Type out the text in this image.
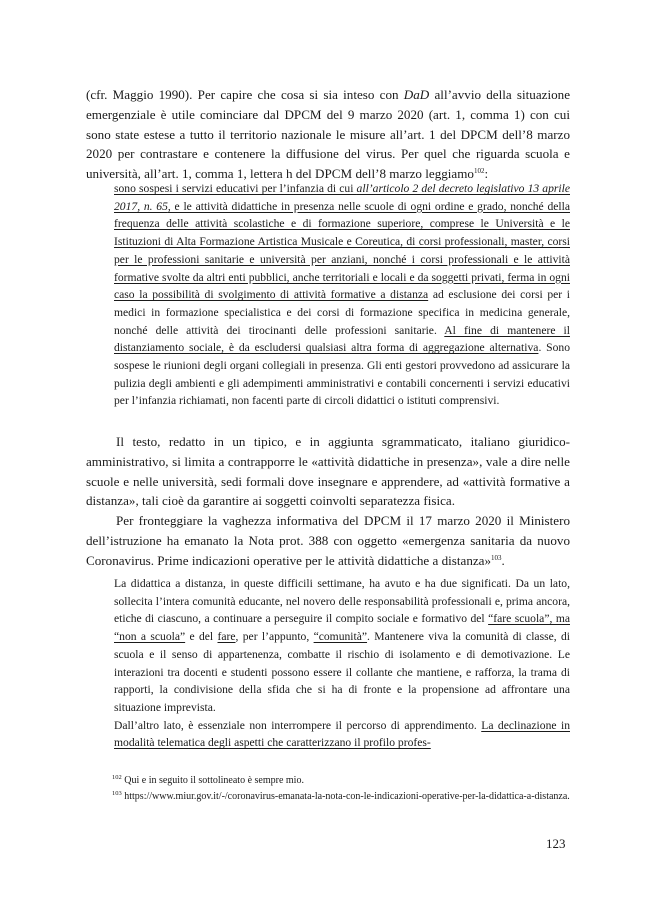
(cfr. Maggio 1990). Per capire che cosa si sia inteso con DaD all’avvio della situazione emergenziale è utile cominciare dal DPCM del 9 marzo 2020 (art. 1, comma 1) con cui sono state estese a tutto il territorio nazionale le misure all’art. 1 del DPCM dell’8 marzo 2020 per contrastare e contenere la diffusione del virus. Per quel che riguarda scuola e università, all’art. 1, comma 1, lettera h del DPCM dell’8 marzo leggiamo$^{102}$:

sono sospesi i servizi educativi per l’infanzia di cui all’articolo 2 del decreto legislativo 13 aprile 2017, n. 65, e le attività didattiche in presenza nelle scuole di ogni ordine e grado, nonché della frequenza delle attività scolastiche e di formazione superiore, comprese le Università e le Istituzioni di Alta Formazione Artistica Musicale e Coreutica, di corsi professionali, master, corsi per le professioni sanitarie e università per anziani, nonché i corsi professionali e le attività formative svolte da altri enti pubblici, anche territoriali e locali e da soggetti privati, ferma in ogni caso la possibilità di svolgimento di attività formative a distanza ad esclusione dei corsi per i medici in formazione specialistica e dei corsi di formazione specifica in medicina generale, nonché delle attività dei tirocinanti delle professioni sanitarie. Al fine di mantenere il distanziamento sociale, è da escludersi qualsiasi altra forma di aggregazione alternativa. Sono sospese le riunioni degli organi collegiali in presenza. Gli enti gestori provvedono ad assicurare la pulizia degli ambienti e gli adempimenti amministrativi e contabili concernenti i servizi educativi per l’infanzia richiamati, non facenti parte di circoli didattici o istituti comprensivi.

Il testo, redatto in un tipico, e in aggiunta sgrammaticato, italiano giuridico-amministrativo, si limita a contrapporre le «attività didattiche in presenza», vale a dire nelle scuole e nelle università, sedi formali dove insegnare e apprendere, ad «attività formative a distanza», tali cioè da garantire ai soggetti coinvolti separatezza fisica.

Per fronteggiare la vaghezza informativa del DPCM il 17 marzo 2020 il Ministero dell’istruzione ha emanato la Nota prot. 388 con oggetto «emergenza sanitaria da nuovo Coronavirus. Prime indicazioni operative per le attività didattiche a distanza»$^{103}$.

La didattica a distanza, in queste difficili settimane, ha avuto e ha due significati. Da un lato, sollecita l’intera comunità educante, nel novero delle responsabilità professionali e, prima ancora, etiche di ciascuno, a continuare a perseguire il compito sociale e formativo del “fare scuola”, ma “non a scuola” e del fare, per l’appunto, “comunità”. Mantenere viva la comunità di classe, di scuola e il senso di appartenenza, combatte il rischio di isolamento e di demotivazione. Le interazioni tra docenti e studenti possono essere il collante che mantiene, e rafforza, la trama di rapporti, la condivisione della sfida che si ha di fronte e la propensione ad affrontare una situazione imprevista.
Dall’altro lato, è essenziale non interrompere il percorso di apprendimento. La declinazione in modalità telematica degli aspetti che caratterizzano il profilo profes-

$^{102}$ Qui e in seguito il sottolineato è sempre mio.

$^{103}$ https://www.miur.gov.it/-/coronavirus-emanata-la-nota-con-le-indicazioni-operative-per-la-didattica-a-distanza.

123
